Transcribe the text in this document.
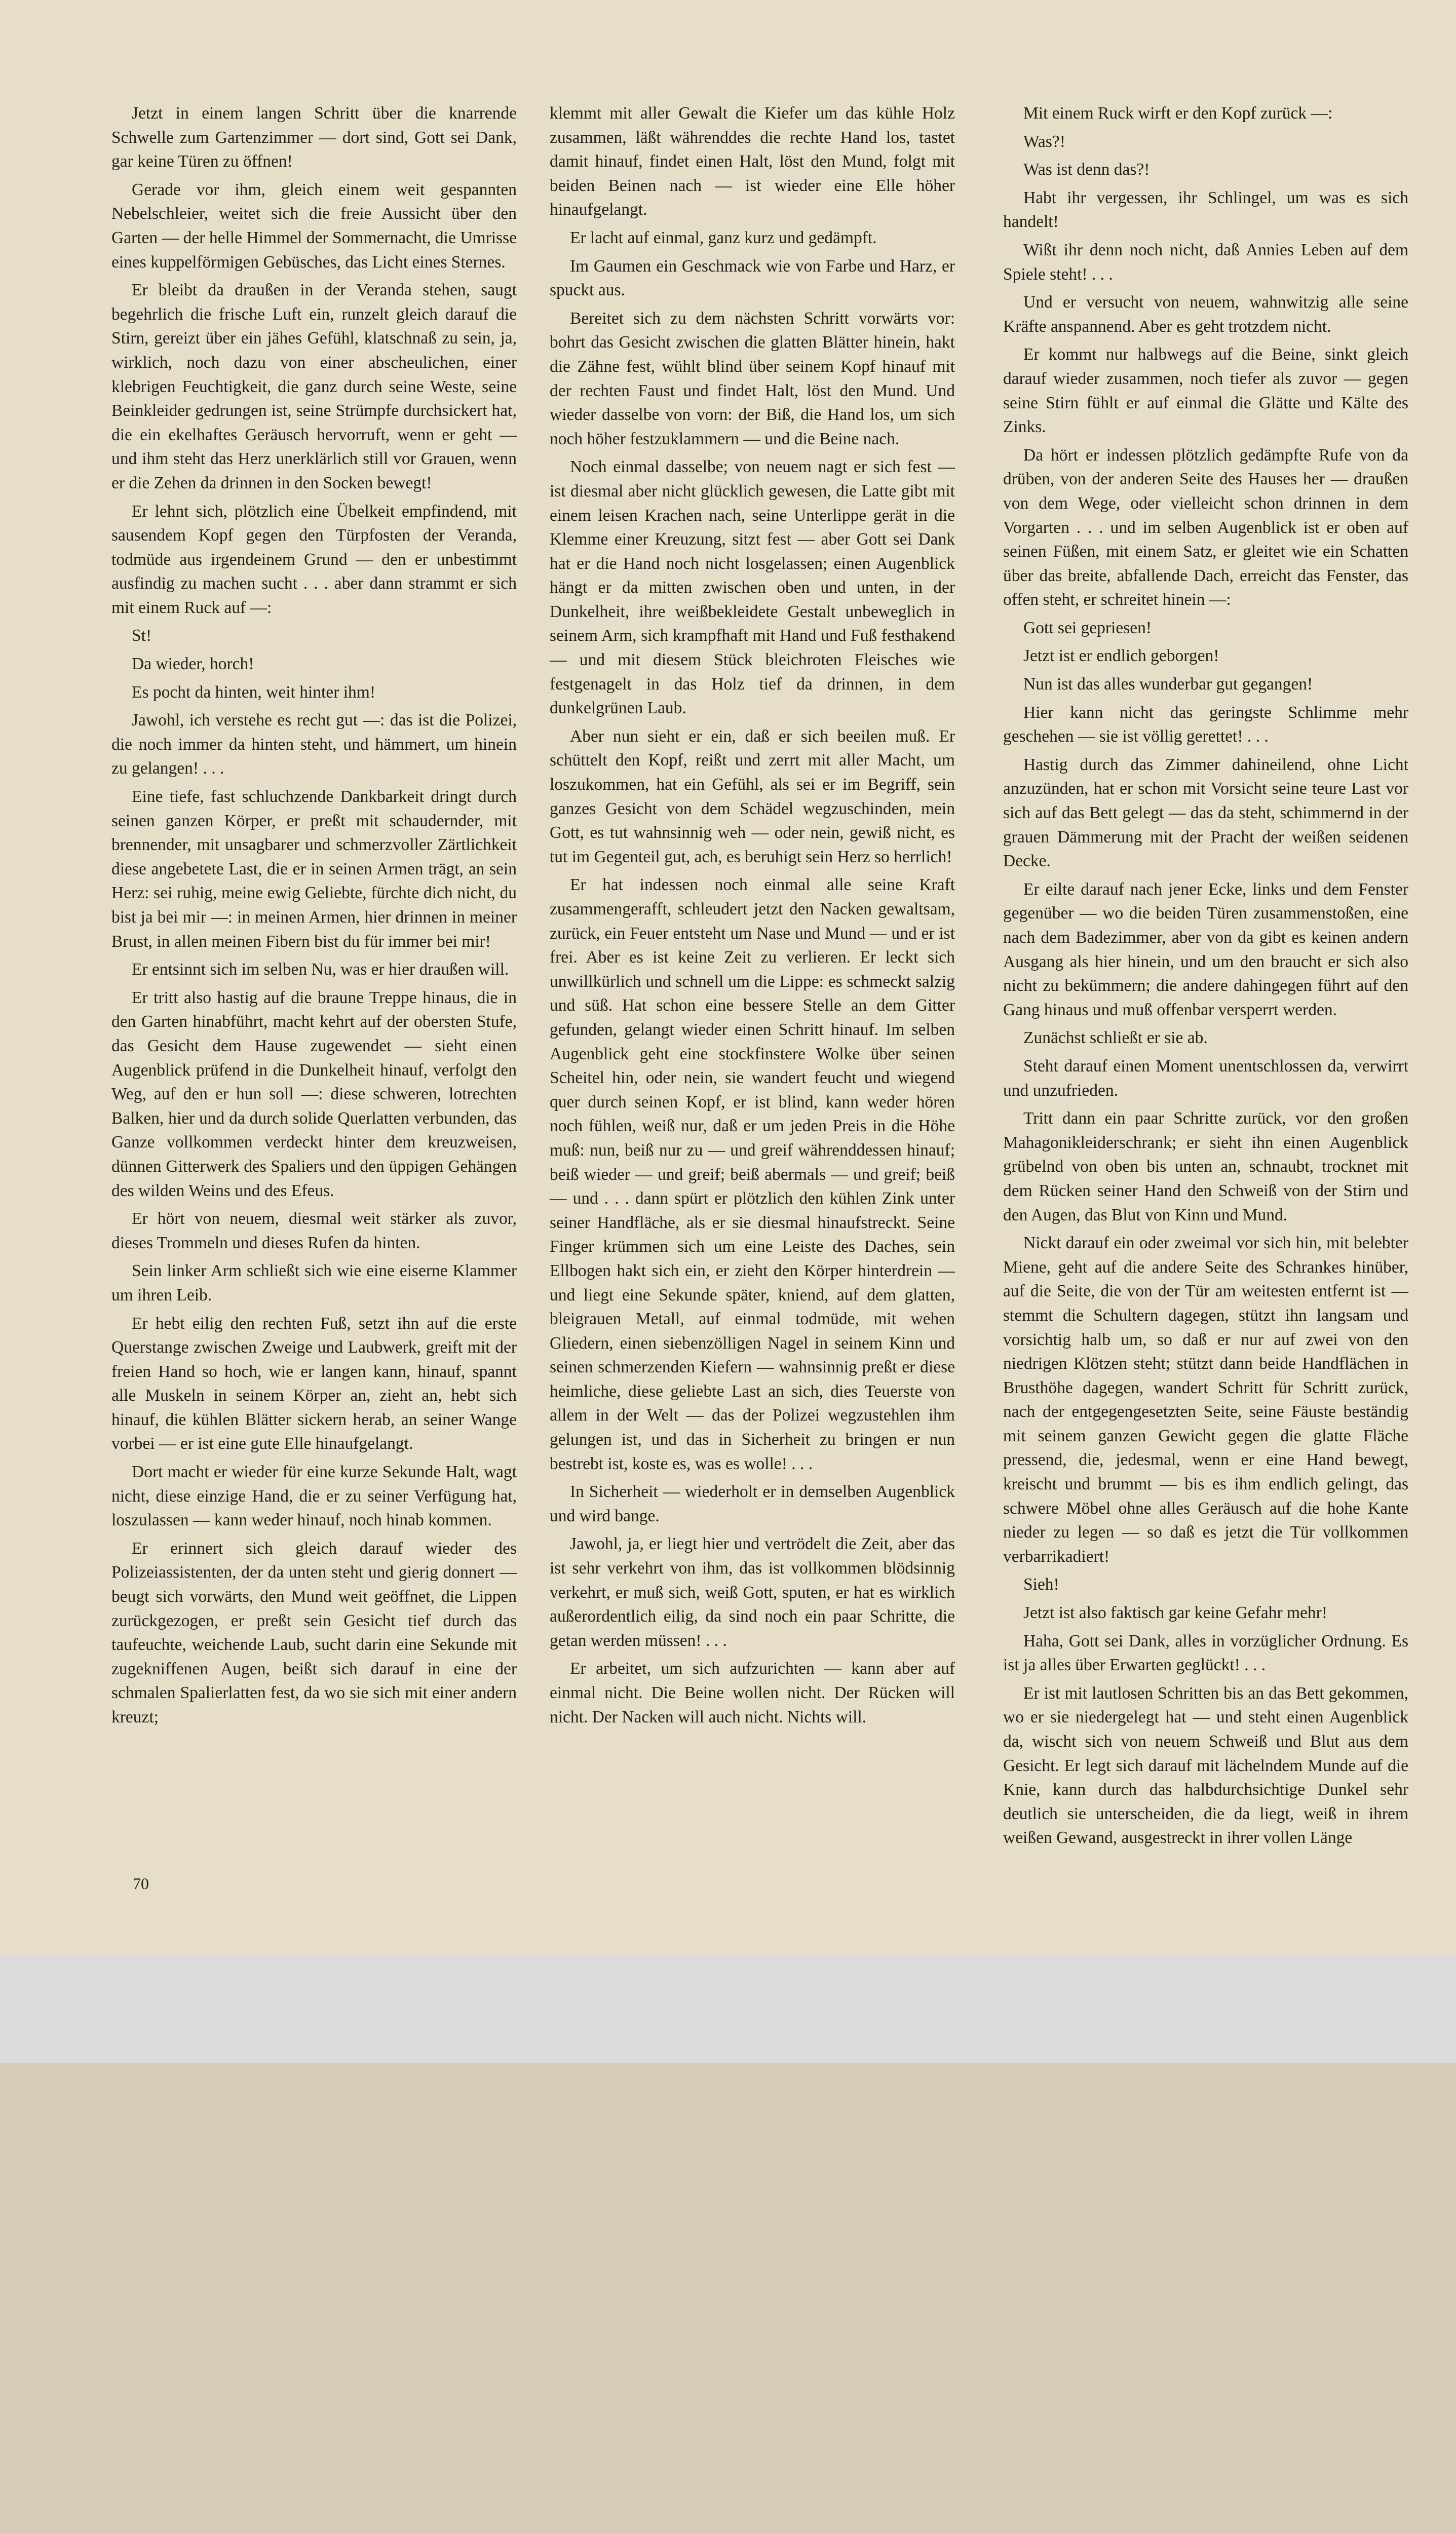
Jetzt in einem langen Schritt über die knarrende Schwelle zum Gartenzimmer — dort sind, Gott sei Dank, gar keine Türen zu öffnen!

Gerade vor ihm, gleich einem weit gespannten Nebelschleier, weitet sich die freie Aussicht über den Garten — der helle Himmel der Sommernacht, die Umrisse eines kuppelförmigen Gebüsches, das Licht eines Sternes.

Er bleibt da draußen in der Veranda stehen, saugt begehrlich die frische Luft ein, runzelt gleich darauf die Stirn, gereizt über ein jähes Gefühl, klatschnaß zu sein, ja, wirklich, noch dazu von einer abscheulichen, einer klebrigen Feuchtigkeit, die ganz durch seine Weste, seine Beinkleider gedrungen ist, seine Strümpfe durchsickert hat, die ein ekelhaftes Geräusch hervorruft, wenn er geht — und ihm steht das Herz unerklärlich still vor Grauen, wenn er die Zehen da drinnen in den Socken bewegt!

Er lehnt sich, plötzlich eine Übelkeit empfindend, mit sausendem Kopf gegen den Türpfosten der Veranda, todmüde aus irgendeinem Grund — den er unbestimmt ausfindig zu machen sucht . . . aber dann strammt er sich mit einem Ruck auf —:

St!

Da wieder, horch!

Es pocht da hinten, weit hinter ihm!

Jawohl, ich verstehe es recht gut —: das ist die Polizei, die noch immer da hinten steht, und hämmert, um hinein zu gelangen! . . .

Eine tiefe, fast schluchzende Dankbarkeit dringt durch seinen ganzen Körper, er preßt mit schaudernder, mit brennender, mit unsagbarer und schmerzvoller Zärtlichkeit diese angebetete Last, die er in seinen Armen trägt, an sein Herz: sei ruhig, meine ewig Geliebte, fürchte dich nicht, du bist ja bei mir —: in meinen Armen, hier drinnen in meiner Brust, in allen meinen Fibern bist du für immer bei mir!

Er entsinnt sich im selben Nu, was er hier draußen will.

Er tritt also hastig auf die braune Treppe hinaus, die in den Garten hinabführt, macht kehrt auf der obersten Stufe, das Gesicht dem Hause zugewendet — sieht einen Augenblick prüfend in die Dunkelheit hinauf, verfolgt den Weg, auf den er hun soll —: diese schweren, lotrechten Balken, hier und da durch solide Querlatten verbunden, das Ganze vollkommen verdeckt hinter dem kreuzweisen, dünnen Gitterwerk des Spaliers und den üppigen Gehängen des wilden Weins und des Efeus.

Er hört von neuem, diesmal weit stärker als zuvor, dieses Trommeln und dieses Rufen da hinten.

Sein linker Arm schließt sich wie eine eiserne Klammer um ihren Leib.

Er hebt eilig den rechten Fuß, setzt ihn auf die erste Querstange zwischen Zweige und Laubwerk, greift mit der freien Hand so hoch, wie er langen kann, hinauf, spannt alle Muskeln in seinem Körper an, zieht an, hebt sich hinauf, die kühlen Blätter sickern herab, an seiner Wange vorbei — er ist eine gute Elle hinaufgelangt.

Dort macht er wieder für eine kurze Sekunde Halt, wagt nicht, diese einzige Hand, die er zu seiner Verfügung hat, loszulassen — kann weder hinauf, noch hinab kommen.

Er erinnert sich gleich darauf wieder des Polizeiassistenten, der da unten steht und gierig donnert — beugt sich vorwärts, den Mund weit geöffnet, die Lippen zurückgezogen, er preßt sein Gesicht tief durch das taufeuchte, weichende Laub, sucht darin eine Sekunde mit zugekniffenen Augen, beißt sich darauf in eine der schmalen Spalierlatten fest, da wo sie sich mit einer andern kreuzt;

klemmt mit aller Gewalt die Kiefer um das kühle Holz zusammen, läßt währenddes die rechte Hand los, tastet damit hinauf, findet einen Halt, löst den Mund, folgt mit beiden Beinen nach — ist wieder eine Elle höher hinaufgelangt.

Er lacht auf einmal, ganz kurz und gedämpft.

Im Gaumen ein Geschmack wie von Farbe und Harz, er spuckt aus.

Bereitet sich zu dem nächsten Schritt vorwärts vor: bohrt das Gesicht zwischen die glatten Blätter hinein, hakt die Zähne fest, wühlt blind über seinem Kopf hinauf mit der rechten Faust und findet Halt, löst den Mund. Und wieder dasselbe von vorn: der Biß, die Hand los, um sich noch höher festzuklammern — und die Beine nach.

Noch einmal dasselbe; von neuem nagt er sich fest — ist diesmal aber nicht glücklich gewesen, die Latte gibt mit einem leisen Krachen nach, seine Unterlippe gerät in die Klemme einer Kreuzung, sitzt fest — aber Gott sei Dank hat er die Hand noch nicht losgelassen; einen Augenblick hängt er da mitten zwischen oben und unten, in der Dunkelheit, ihre weißbekleidete Gestalt unbeweglich in seinem Arm, sich krampfhaft mit Hand und Fuß festhakend — und mit diesem Stück bleichroten Fleisches wie festgenagelt in das Holz tief da drinnen, in dem dunkelgrünen Laub.

Aber nun sieht er ein, daß er sich beeilen muß. Er schüttelt den Kopf, reißt und zerrt mit aller Macht, um loszukommen, hat ein Gefühl, als sei er im Begriff, sein ganzes Gesicht von dem Schädel wegzuschinden, mein Gott, es tut wahnsinnig weh — oder nein, gewiß nicht, es tut im Gegenteil gut, ach, es beruhigt sein Herz so herrlich!

Er hat indessen noch einmal alle seine Kraft zusammengerafft, schleudert jetzt den Nacken gewaltsam, zurück, ein Feuer entsteht um Nase und Mund — und er ist frei. Aber es ist keine Zeit zu verlieren. Er leckt sich unwillkürlich und schnell um die Lippe: es schmeckt salzig und süß. Hat schon eine bessere Stelle an dem Gitter gefunden, gelangt wieder einen Schritt hinauf. Im selben Augenblick geht eine stockfinstere Wolke über seinen Scheitel hin, oder nein, sie wandert feucht und wiegend quer durch seinen Kopf, er ist blind, kann weder hören noch fühlen, weiß nur, daß er um jeden Preis in die Höhe muß: nun, beiß nur zu — und greif währenddessen hinauf; beiß wieder — und greif; beiß abermals — und greif; beiß — und . . . dann spürt er plötzlich den kühlen Zink unter seiner Handfläche, als er sie diesmal hinaufstreckt. Seine Finger krümmen sich um eine Leiste des Daches, sein Ellbogen hakt sich ein, er zieht den Körper hinterdrein — und liegt eine Sekunde später, kniend, auf dem glatten, bleigrauen Metall, auf einmal todmüde, mit wehen Gliedern, einen siebenzölligen Nagel in seinem Kinn und seinen schmerzenden Kiefern — wahnsinnig preßt er diese heimliche, diese geliebte Last an sich, dies Teuerste von allem in der Welt — das der Polizei wegzustehlen ihm gelungen ist, und das in Sicherheit zu bringen er nun bestrebt ist, koste es, was es wolle! . . .

In Sicherheit — wiederholt er in demselben Augenblick und wird bange.

Jawohl, ja, er liegt hier und vertrödelt die Zeit, aber das ist sehr verkehrt von ihm, das ist vollkommen blödsinnig verkehrt, er muß sich, weiß Gott, sputen, er hat es wirklich außerordentlich eilig, da sind noch ein paar Schritte, die getan werden müssen! . . .

Er arbeitet, um sich aufzurichten — kann aber auf einmal nicht. Die Beine wollen nicht. Der Rücken will nicht. Der Nacken will auch nicht. Nichts will.

Mit einem Ruck wirft er den Kopf zurück —:

Was?!

Was ist denn das?!

Habt ihr vergessen, ihr Schlingel, um was es sich handelt!

Wißt ihr denn noch nicht, daß Annies Leben auf dem Spiele steht! . . .

Und er versucht von neuem, wahnwitzig alle seine Kräfte anspannend. Aber es geht trotzdem nicht.

Er kommt nur halbwegs auf die Beine, sinkt gleich darauf wieder zusammen, noch tiefer als zuvor — gegen seine Stirn fühlt er auf einmal die Glätte und Kälte des Zinks.

Da hört er indessen plötzlich gedämpfte Rufe von da drüben, von der anderen Seite des Hauses her — draußen von dem Wege, oder vielleicht schon drinnen in dem Vorgarten . . . und im selben Augenblick ist er oben auf seinen Füßen, mit einem Satz, er gleitet wie ein Schatten über das breite, abfallende Dach, erreicht das Fenster, das offen steht, er schreitet hinein —:

Gott sei gepriesen!

Jetzt ist er endlich geborgen!

Nun ist das alles wunderbar gut gegangen!

Hier kann nicht das geringste Schlimme mehr geschehen — sie ist völlig gerettet! . . .

Hastig durch das Zimmer dahineilend, ohne Licht anzuzünden, hat er schon mit Vorsicht seine teure Last vor sich auf das Bett gelegt — das da steht, schimmernd in der grauen Dämmerung mit der Pracht der weißen seidenen Decke.

Er eilte darauf nach jener Ecke, links und dem Fenster gegenüber — wo die beiden Türen zusammenstoßen, eine nach dem Badezimmer, aber von da gibt es keinen andern Ausgang als hier hinein, und um den braucht er sich also nicht zu bekümmern; die andere dahingegen führt auf den Gang hinaus und muß offenbar versperrt werden.

Zunächst schließt er sie ab.

Steht darauf einen Moment unentschlossen da, verwirrt und unzufrieden.

Tritt dann ein paar Schritte zurück, vor den großen Mahagonikleiderschrank; er sieht ihn einen Augenblick grübelnd von oben bis unten an, schnaubt, trocknet mit dem Rücken seiner Hand den Schweiß von der Stirn und den Augen, das Blut von Kinn und Mund.

Nickt darauf ein oder zweimal vor sich hin, mit belebter Miene, geht auf die andere Seite des Schrankes hinüber, auf die Seite, die von der Tür am weitesten entfernt ist — stemmt die Schultern dagegen, stützt ihn langsam und vorsichtig halb um, so daß er nur auf zwei von den niedrigen Klötzen steht; stützt dann beide Handflächen in Brusthöhe dagegen, wandert Schritt für Schritt zurück, nach der entgegengesetzten Seite, seine Fäuste beständig mit seinem ganzen Gewicht gegen die glatte Fläche pressend, die, jedesmal, wenn er eine Hand bewegt, kreischt und brummt — bis es ihm endlich gelingt, das schwere Möbel ohne alles Geräusch auf die hohe Kante nieder zu legen — so daß es jetzt die Tür vollkommen verbarrikadiert!

Sieh!

Jetzt ist also faktisch gar keine Gefahr mehr!

Haha, Gott sei Dank, alles in vorzüglicher Ordnung. Es ist ja alles über Erwarten geglückt! . . .

Er ist mit lautlosen Schritten bis an das Bett gekommen, wo er sie niedergelegt hat — und steht einen Augenblick da, wischt sich von neuem Schweiß und Blut aus dem Gesicht. Er legt sich darauf mit lächelndem Munde auf die Knie, kann durch das halbdurchsichtige Dunkel sehr deutlich sie unterscheiden, die da liegt, weiß in ihrem weißen Gewand, ausgestreckt in ihrer vollen Länge

70
